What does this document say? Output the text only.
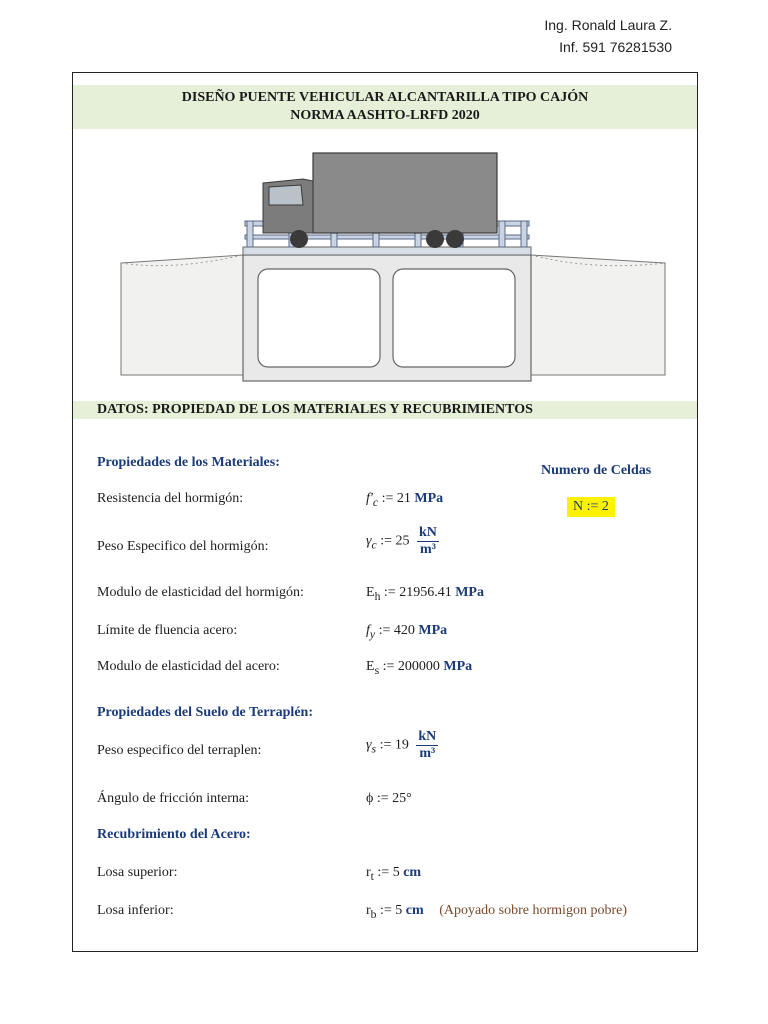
Ing. Ronald Laura Z.
Inf. 591 76281530
DISEÑO PUENTE VEHICULAR ALCANTARILLA TIPO CAJÓN
NORMA AASHTO-LRFD 2020
DATOS: PROPIEDAD DE LOS MATERIALES Y RECUBRIMIENTOS
Propiedades de los Materiales:
Numero de Celdas
N := 2
Resistencia del hormigón:	$f'_c$ := 21 MPa
Peso Especifico del hormigón:	$\gamma_c$ := $25 \frac{kN}{\text{m³}}$
Modulo de elasticidad del hormigón:	$E_h$ := 21956.41 MPa
Límite de fluencia acero:	$f_y$ := 420 MPa
Modulo de elasticidad del acero:	$E_s$ := 200000 MPa
Propiedades del Suelo de Terraplén:
Peso especifico del terraplen:	$\gamma_s$ := $19 \frac{kN}{\text{m³}}$
Ángulo de fricción interna:	ϕ := 25°
Recubrimiento del Acero:
Losa superior:	$r_t$ := 5 cm
Losa inferior:	$r_b$ := 5 cm (Apoyado sobre hormigon pobre)
